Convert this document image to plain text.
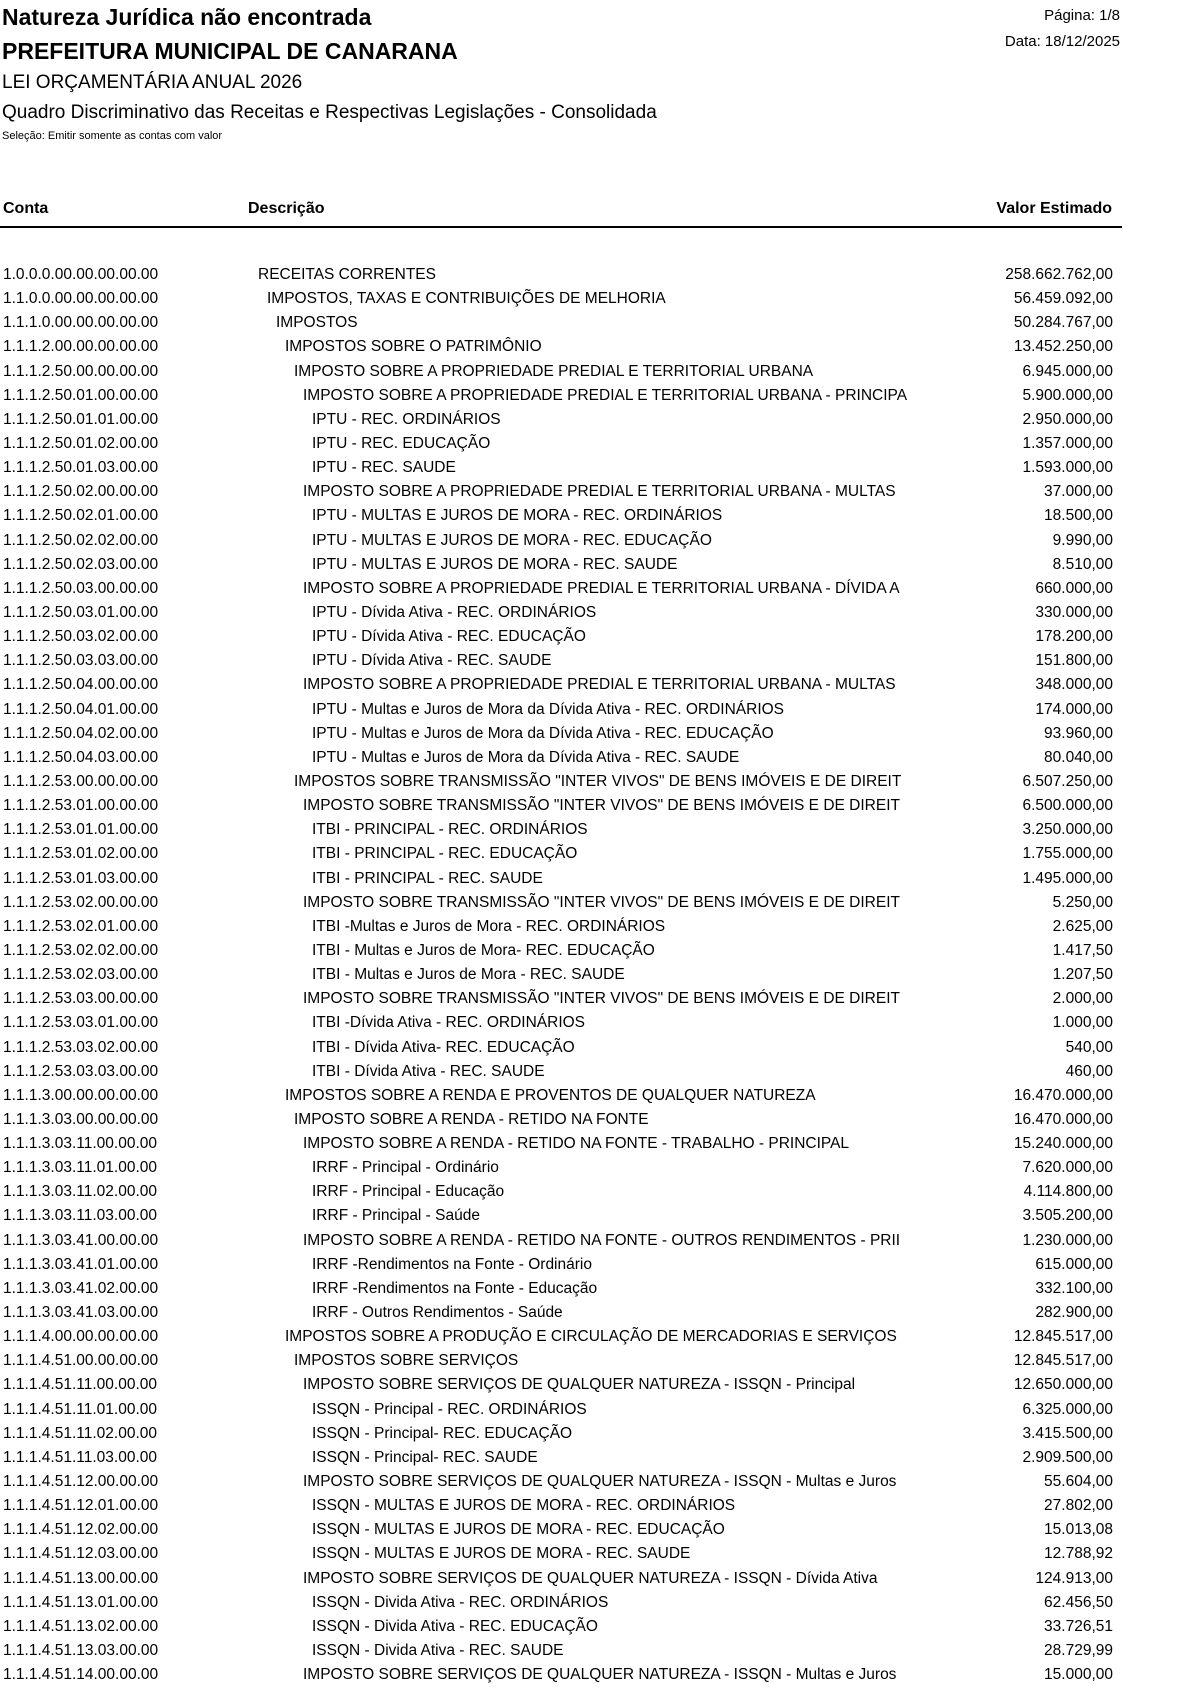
Natureza Jurídica não encontrada
PREFEITURA MUNICIPAL DE CANARANA
LEI ORÇAMENTÁRIA ANUAL 2026
Quadro Discriminativo das Receitas e Respectivas Legislações - Consolidada
Seleção: Emitir somente as contas com valor
Página: 1/8
Data: 18/12/2025
Conta	Descrição	Valor Estimado
1.0.0.0.00.00.00.00.00	RECEITAS CORRENTES	258.662.762,00
1.1.0.0.00.00.00.00.00	IMPOSTOS, TAXAS E CONTRIBUIÇÕES DE MELHORIA	56.459.092,00
1.1.1.0.00.00.00.00.00	IMPOSTOS	50.284.767,00
1.1.1.2.00.00.00.00.00	IMPOSTOS SOBRE O PATRIMÔNIO	13.452.250,00
1.1.1.2.50.00.00.00.00	IMPOSTO SOBRE A PROPRIEDADE PREDIAL E TERRITORIAL URBANA	6.945.000,00
1.1.1.2.50.01.00.00.00	IMPOSTO SOBRE A PROPRIEDADE PREDIAL E TERRITORIAL URBANA - PRINCIPA	5.900.000,00
1.1.1.2.50.01.01.00.00	IPTU - REC. ORDINÁRIOS	2.950.000,00
1.1.1.2.50.01.02.00.00	IPTU - REC. EDUCAÇÃO	1.357.000,00
1.1.1.2.50.01.03.00.00	IPTU - REC. SAUDE	1.593.000,00
1.1.1.2.50.02.00.00.00	IMPOSTO SOBRE A PROPRIEDADE PREDIAL E TERRITORIAL URBANA - MULTAS	37.000,00
1.1.1.2.50.02.01.00.00	IPTU - MULTAS E JUROS DE MORA - REC. ORDINÁRIOS	18.500,00
1.1.1.2.50.02.02.00.00	IPTU - MULTAS E JUROS DE MORA - REC. EDUCAÇÃO	9.990,00
1.1.1.2.50.02.03.00.00	IPTU - MULTAS E JUROS DE MORA - REC. SAUDE	8.510,00
1.1.1.2.50.03.00.00.00	IMPOSTO SOBRE A PROPRIEDADE PREDIAL E TERRITORIAL URBANA - DÍVIDA A	660.000,00
1.1.1.2.50.03.01.00.00	IPTU - Dívida Ativa - REC. ORDINÁRIOS	330.000,00
1.1.1.2.50.03.02.00.00	IPTU - Dívida Ativa - REC. EDUCAÇÃO	178.200,00
1.1.1.2.50.03.03.00.00	IPTU - Dívida Ativa - REC. SAUDE	151.800,00
1.1.1.2.50.04.00.00.00	IMPOSTO SOBRE A PROPRIEDADE PREDIAL E TERRITORIAL URBANA - MULTAS	348.000,00
1.1.1.2.50.04.01.00.00	IPTU - Multas e Juros de Mora da Dívida Ativa - REC. ORDINÁRIOS	174.000,00
1.1.1.2.50.04.02.00.00	IPTU - Multas e Juros de Mora da Dívida Ativa - REC. EDUCAÇÃO	93.960,00
1.1.1.2.50.04.03.00.00	IPTU - Multas e Juros de Mora da Dívida Ativa - REC. SAUDE	80.040,00
1.1.1.2.53.00.00.00.00	IMPOSTOS SOBRE TRANSMISSÃO "INTER VIVOS" DE BENS IMÓVEIS E DE DIREIT	6.507.250,00
1.1.1.2.53.01.00.00.00	IMPOSTO SOBRE TRANSMISSÃO "INTER VIVOS" DE BENS IMÓVEIS E DE DIREIT	6.500.000,00
1.1.1.2.53.01.01.00.00	ITBI - PRINCIPAL - REC. ORDINÁRIOS	3.250.000,00
1.1.1.2.53.01.02.00.00	ITBI - PRINCIPAL - REC. EDUCAÇÃO	1.755.000,00
1.1.1.2.53.01.03.00.00	ITBI - PRINCIPAL - REC. SAUDE	1.495.000,00
1.1.1.2.53.02.00.00.00	IMPOSTO SOBRE TRANSMISSÃO "INTER VIVOS" DE BENS IMÓVEIS E DE DIREIT	5.250,00
1.1.1.2.53.02.01.00.00	ITBI -Multas e Juros de Mora - REC. ORDINÁRIOS	2.625,00
1.1.1.2.53.02.02.00.00	ITBI - Multas e Juros de Mora- REC. EDUCAÇÃO	1.417,50
1.1.1.2.53.02.03.00.00	ITBI - Multas e Juros de Mora - REC. SAUDE	1.207,50
1.1.1.2.53.03.00.00.00	IMPOSTO SOBRE TRANSMISSÃO "INTER VIVOS" DE BENS IMÓVEIS E DE DIREIT	2.000,00
1.1.1.2.53.03.01.00.00	ITBI -Dívida Ativa - REC. ORDINÁRIOS	1.000,00
1.1.1.2.53.03.02.00.00	ITBI - Dívida Ativa- REC. EDUCAÇÃO	540,00
1.1.1.2.53.03.03.00.00	ITBI - Dívida Ativa - REC. SAUDE	460,00
1.1.1.3.00.00.00.00.00	IMPOSTOS SOBRE A RENDA E PROVENTOS DE QUALQUER NATUREZA	16.470.000,00
1.1.1.3.03.00.00.00.00	IMPOSTO SOBRE A RENDA - RETIDO NA FONTE	16.470.000,00
1.1.1.3.03.11.00.00.00	IMPOSTO SOBRE A RENDA - RETIDO NA FONTE - TRABALHO - PRINCIPAL	15.240.000,00
1.1.1.3.03.11.01.00.00	IRRF - Principal - Ordinário	7.620.000,00
1.1.1.3.03.11.02.00.00	IRRF - Principal - Educação	4.114.800,00
1.1.1.3.03.11.03.00.00	IRRF - Principal - Saúde	3.505.200,00
1.1.1.3.03.41.00.00.00	IMPOSTO SOBRE A RENDA - RETIDO NA FONTE - OUTROS RENDIMENTOS - PRII	1.230.000,00
1.1.1.3.03.41.01.00.00	IRRF -Rendimentos na Fonte - Ordinário	615.000,00
1.1.1.3.03.41.02.00.00	IRRF -Rendimentos na Fonte - Educação	332.100,00
1.1.1.3.03.41.03.00.00	IRRF - Outros Rendimentos - Saúde	282.900,00
1.1.1.4.00.00.00.00.00	IMPOSTOS SOBRE A PRODUÇÃO E CIRCULAÇÃO DE MERCADORIAS E SERVIÇOS	12.845.517,00
1.1.1.4.51.00.00.00.00	IMPOSTOS SOBRE SERVIÇOS	12.845.517,00
1.1.1.4.51.11.00.00.00	IMPOSTO SOBRE SERVIÇOS DE QUALQUER NATUREZA - ISSQN - Principal	12.650.000,00
1.1.1.4.51.11.01.00.00	ISSQN - Principal - REC. ORDINÁRIOS	6.325.000,00
1.1.1.4.51.11.02.00.00	ISSQN - Principal- REC. EDUCAÇÃO	3.415.500,00
1.1.1.4.51.11.03.00.00	ISSQN - Principal- REC. SAUDE	2.909.500,00
1.1.1.4.51.12.00.00.00	IMPOSTO SOBRE SERVIÇOS DE QUALQUER NATUREZA - ISSQN - Multas e Juros	55.604,00
1.1.1.4.51.12.01.00.00	ISSQN - MULTAS E JUROS DE MORA - REC. ORDINÁRIOS	27.802,00
1.1.1.4.51.12.02.00.00	ISSQN - MULTAS E JUROS DE MORA - REC. EDUCAÇÃO	15.013,08
1.1.1.4.51.12.03.00.00	ISSQN - MULTAS E JUROS DE MORA - REC. SAUDE	12.788,92
1.1.1.4.51.13.00.00.00	IMPOSTO SOBRE SERVIÇOS DE QUALQUER NATUREZA - ISSQN - Dívida Ativa	124.913,00
1.1.1.4.51.13.01.00.00	ISSQN - Divida Ativa - REC. ORDINÁRIOS	62.456,50
1.1.1.4.51.13.02.00.00	ISSQN - Divida Ativa - REC. EDUCAÇÃO	33.726,51
1.1.1.4.51.13.03.00.00	ISSQN - Divida Ativa - REC. SAUDE	28.729,99
1.1.1.4.51.14.00.00.00	IMPOSTO SOBRE SERVIÇOS DE QUALQUER NATUREZA - ISSQN - Multas e Juros	15.000,00
